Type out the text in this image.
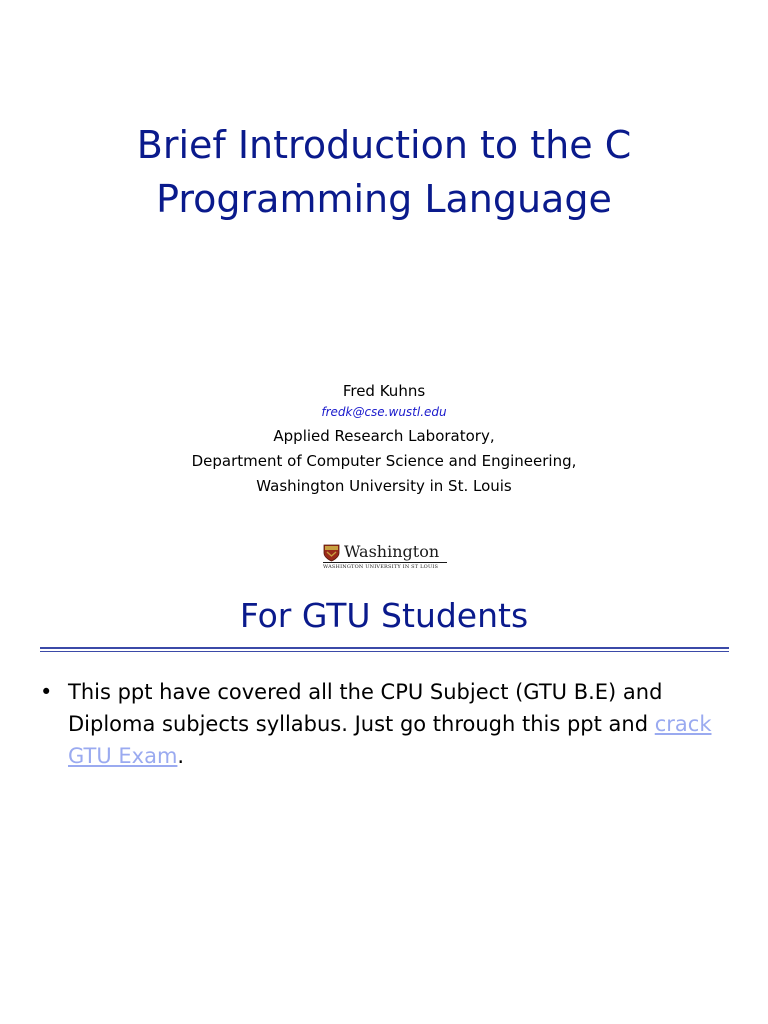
Brief Introduction to the C
Programming Language
Fred Kuhns
fredk@cse.wustl.edu
Applied Research Laboratory,
Department of Computer Science and Engineering,
Washington University in St. Louis
Washington
WASHINGTON UNIVERSITY IN ST LOUIS
For GTU Students
• This ppt have covered all the CPU Subject (GTU B.E) and Diploma subjects syllabus. Just go through this ppt and crack GTU Exam.
